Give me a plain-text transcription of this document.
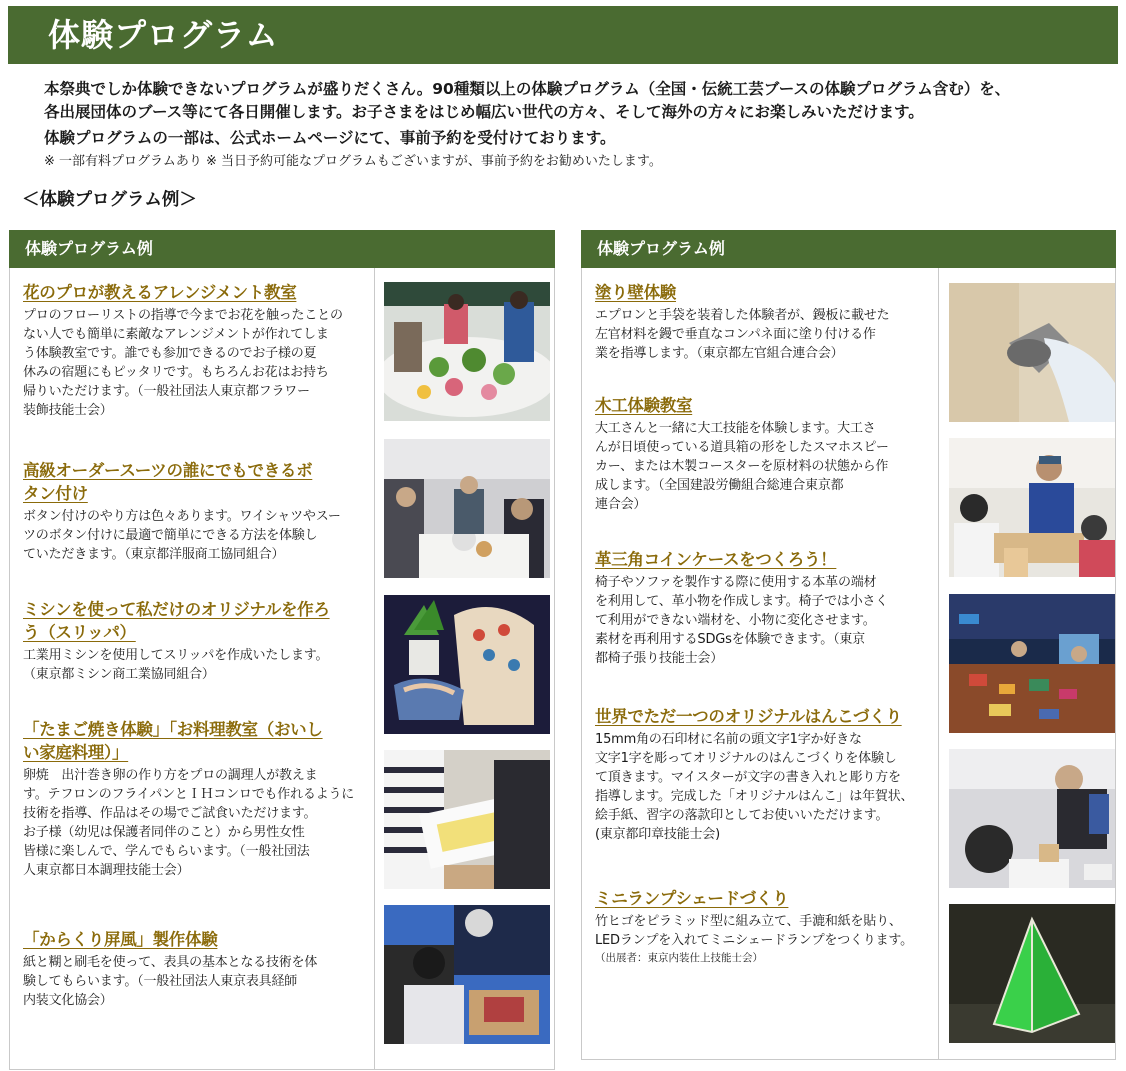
体験プログラム
本祭典でしか体験できないプログラムが盛りだくさん。90種類以上の体験プログラム（全国・伝統工芸ブースの体験プログラム含む）を、
各出展団体のブース等にて各日開催します。お子さまをはじめ幅広い世代の方々、そして海外の方々にお楽しみいただけます。
体験プログラムの一部は、公式ホームページにて、事前予約を受付けております。
※ 一部有料プログラムあり ※ 当日予約可能なプログラムもございますが、事前予約をお勧めいたします。
＜体験プログラム例＞
体験プログラム例
花のプロが教えるアレンジメント教室
プロのフローリストの指導で今までお花を触ったことの
ない人でも簡単に素敵なアレンジメントが作れてしま
う体験教室です。誰でも参加できるのでお子様の夏
休みの宿題にもピッタリです。もちろんお花はお持ち
帰りいただけます。（一般社団法人東京都フラワー
装飾技能士会）
高級オーダースーツの誰にでもできるボ
タン付け
ボタン付けのやり方は色々あります。ワイシャツやスー
ツのボタン付けに最適で簡単にできる方法を体験し
ていただきます。（東京都洋服商工協同組合）
ミシンを使って私だけのオリジナルを作ろ
う（スリッパ）
工業用ミシンを使用してスリッパを作成いたします。
（東京都ミシン商工業協同組合）
「たまご焼き体験」「お料理教室（おいし
い家庭料理）」
卵焼　出汁巻き卵の作り方をプロの調理人が教えま
す。テフロンのフライパンとＩＨコンロでも作れるように
技術を指導、作品はその場でご試食いただけます。
お子様（幼児は保護者同伴のこと）から男性女性
皆様に楽しんで、学んでもらいます。（一般社団法
人東京都日本調理技能士会）
「からくり屏風」製作体験
紙と糊と刷毛を使って、表具の基本となる技術を体
験してもらいます。（一般社団法人東京表具経師
内装文化協会）
体験プログラム例
塗り壁体験
エプロンと手袋を装着した体験者が、鏝板に載せた
左官材料を鏝で垂直なコンパネ面に塗り付ける作
業を指導します。（東京都左官組合連合会）
木工体験教室
大工さんと一緒に大工技能を体験します。大工さ
んが日頃使っている道具箱の形をしたスマホスピー
カー、または木製コースターを原材料の状態から作
成します。（全国建設労働組合総連合東京都
連合会）
革三角コインケースをつくろう！
椅子やソファを製作する際に使用する本革の端材
を利用して、革小物を作成します。椅子では小さく
て利用ができない端材を、小物に変化させます。
素材を再利用するSDGsを体験できます。（東京
都椅子張り技能士会）
世界でただ一つのオリジナルはんこづくり
15mm角の石印材に名前の頭文字1字か好きな
文字1字を彫ってオリジナルのはんこづくりを体験し
て頂きます。マイスターが文字の書き入れと彫り方を
指導します。完成した「オリジナルはんこ」は年賀状、
絵手紙、習字の落款印としてお使いいただけます。
(東京都印章技能士会)
ミニランプシェードづくり
竹ヒゴをピラミッド型に組み立て、手漉和紙を貼り、
LEDランプを入れてミニシェードランプをつくります。
（出展者：東京内装仕上技能士会）
